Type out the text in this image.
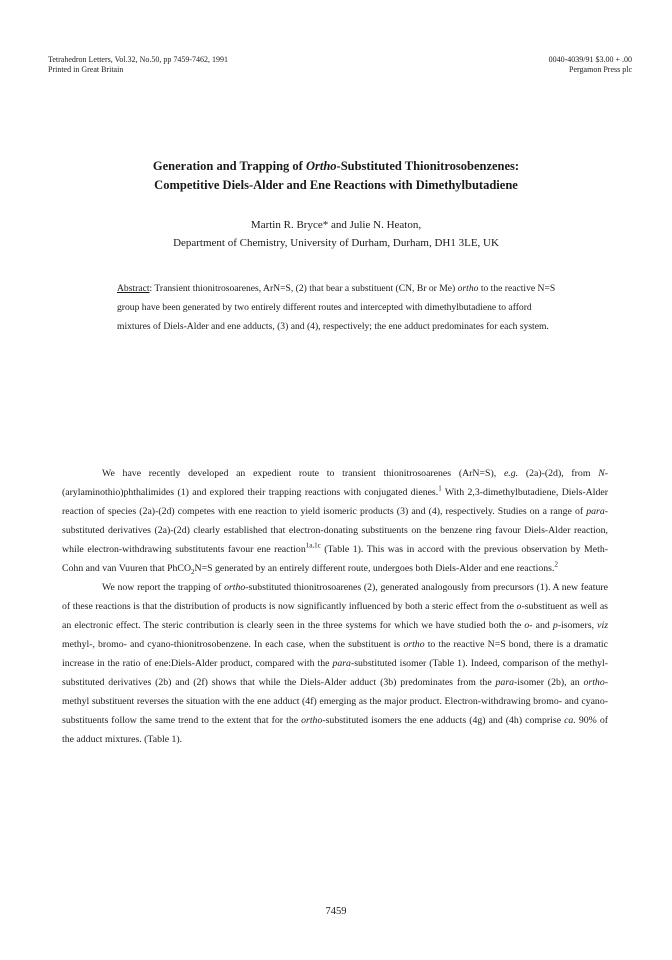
Tetrahedron Letters, Vol.32, No.50, pp 7459-7462, 1991
Printed in Great Britain
0040-4039/91 $3.00 + .00
Pergamon Press plc
Generation and Trapping of Ortho-Substituted Thionitrosobenzenes:
Competitive Diels-Alder and Ene Reactions with Dimethylbutadiene
Martin R. Bryce* and Julie N. Heaton,
Department of Chemistry, University of Durham, Durham, DH1 3LE, UK
Abstract: Transient thionitrosoarenes, ArN=S, (2) that bear a substituent (CN, Br or Me) ortho to the reactive N=S group have been generated by two entirely different routes and intercepted with dimethylbutadiene to afford mixtures of Diels-Alder and ene adducts, (3) and (4), respectively; the ene adduct predominates for each system.

We have recently developed an expedient route to transient thionitrosoarenes (ArN=S), e.g. (2a)-(2d), from N-(arylaminothio)phthalimides (1) and explored their trapping reactions with conjugated dienes.$^1$ With 2,3-dimethylbutadiene, Diels-Alder reaction of species (2a)-(2d) competes with ene reaction to yield isomeric products (3) and (4), respectively. Studies on a range of para-substituted derivatives (2a)-(2d) clearly established that electron-donating substituents on the benzene ring favour Diels-Alder reaction, while electron-withdrawing substitutents favour ene reaction$^{1a,1c}$ (Table 1). This was in accord with the previous observation by Meth-Cohn and van Vuuren that PhCO$_2$N=S generated by an entirely different route, undergoes both Diels-Alder and ene reactions.$^2$

We now report the trapping of ortho-substituted thionitrosoarenes (2), generated analogously from precursors (1). A new feature of these reactions is that the distribution of products is now significantly influenced by both a steric effect from the o-substituent as well as an electronic effect. The steric contribution is clearly seen in the three systems for which we have studied both the o- and p-isomers, viz methyl-, bromo- and cyano-thionitrosobenzene. In each case, when the substituent is ortho to the reactive N=S bond, there is a dramatic increase in the ratio of ene:Diels-Alder product, compared with the para-substituted isomer (Table 1). Indeed, comparison of the methyl-substituted derivatives (2b) and (2f) shows that while the Diels-Alder adduct (3b) predominates from the para-isomer (2b), an ortho-methyl substituent reverses the situation with the ene adduct (4f) emerging as the major product. Electron-withdrawing bromo- and cyano-substituents follow the same trend to the extent that for the ortho-substituted isomers the ene adducts (4g) and (4h) comprise ca. 90% of the adduct mixtures. (Table 1).

7459
